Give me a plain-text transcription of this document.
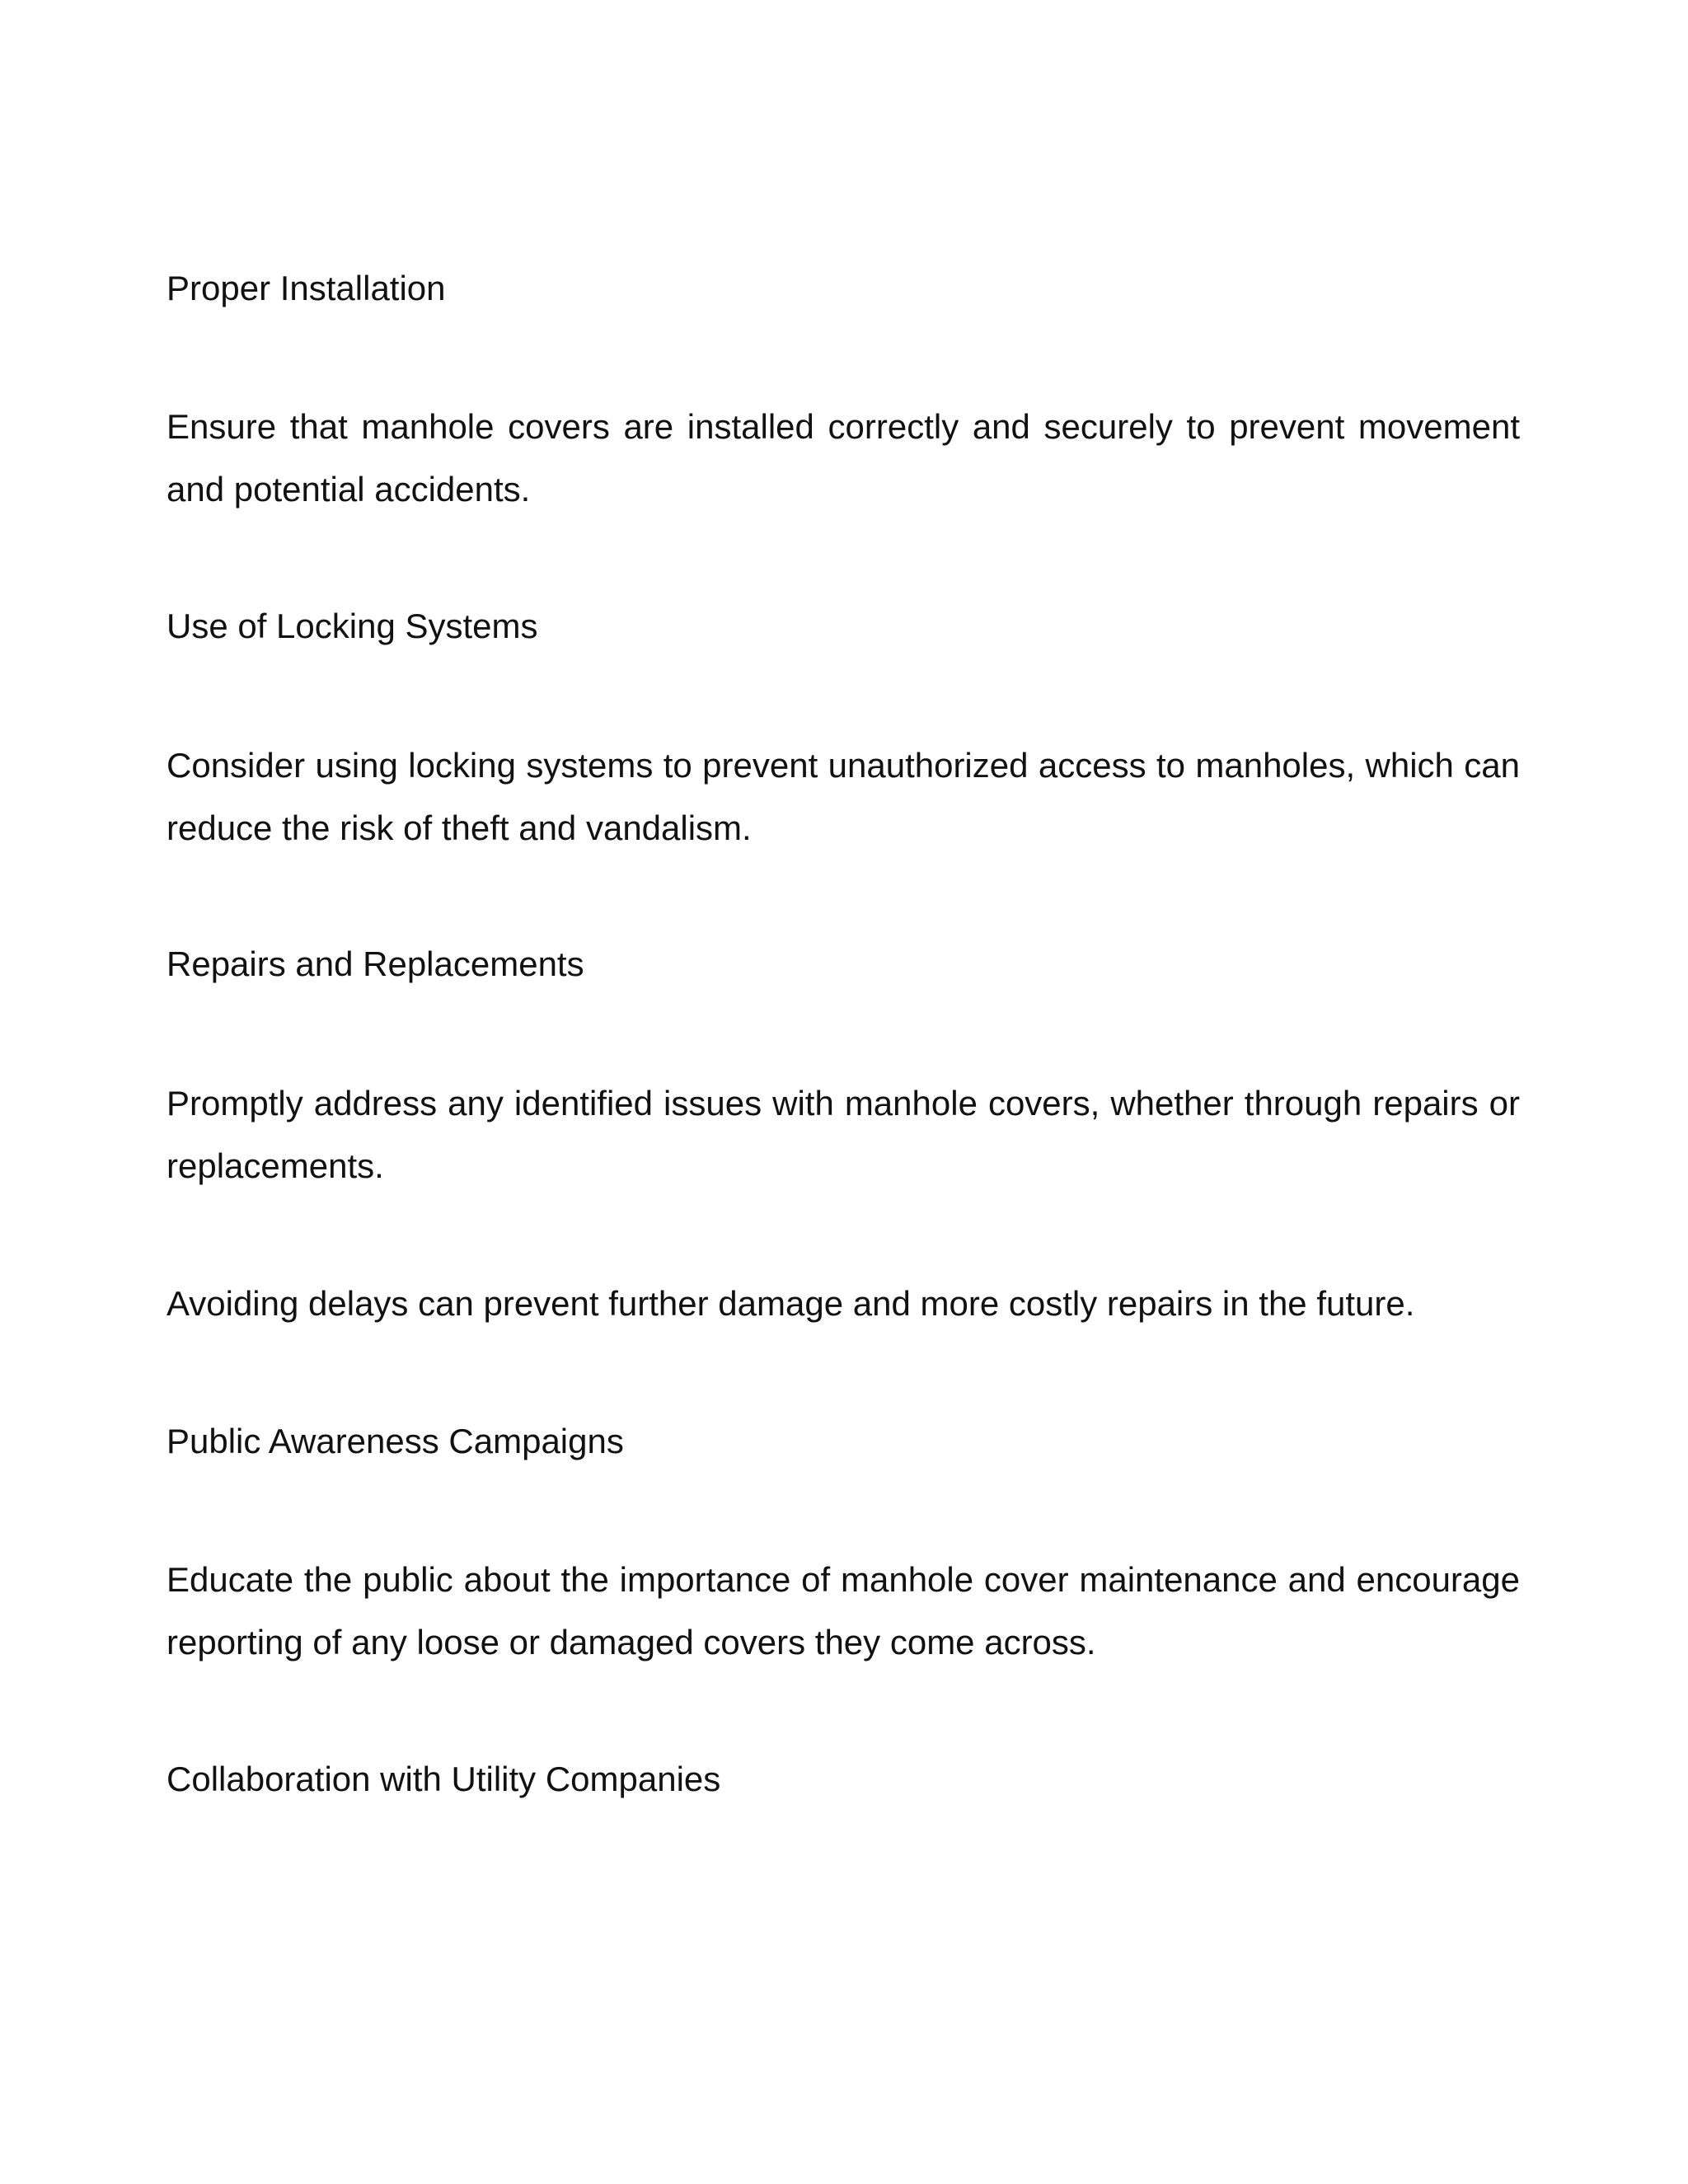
Proper Installation

Ensure that manhole covers are installed correctly and securely to prevent movement and potential accidents.

Use of Locking Systems

Consider using locking systems to prevent unauthorized access to manholes, which can reduce the risk of theft and vandalism.

Repairs and Replacements

Promptly address any identified issues with manhole covers, whether through repairs or replacements.

Avoiding delays can prevent further damage and more costly repairs in the future.

Public Awareness Campaigns

Educate the public about the importance of manhole cover maintenance and encourage reporting of any loose or damaged covers they come across.

Collaboration with Utility Companies
